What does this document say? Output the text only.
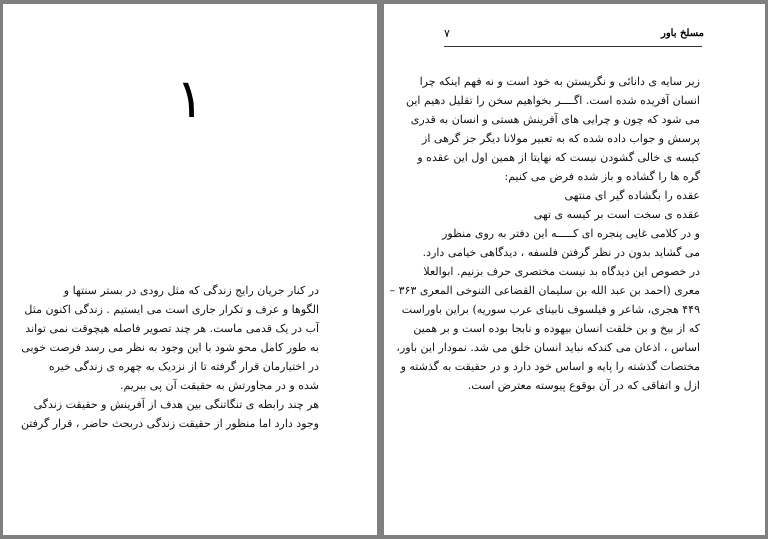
۱
در کنار جریان رایج زندگی که مثل رودی در بستر سنتها و
الگوها و عرف و تکرار جاری است می ایستیم . زندگی اکنون مثل
آب در یک قدمی ماست. هر چند تصویر فاصله هیچوقت نمی تواند
به طور کامل محو شود با این وجود به نظر می رسد فرصت خوبی
در اختیارمان قرار گرفته تا از نزدیک به چهره ی زندگی خیره
شده و در مجاورتش به حقیقت آن پی ببریم.
هر چند رابطه ی تنگاتنگی بین هدف از آفرینش و حقیقت زندگی
وجود دارد اما منظور از حقیقت زندگی دربحث حاضر ، قرار گرفتن
مسلخ باور
۷
زیر سایه ی دانائی و نگریستن به خود است و نه فهم اینکه چرا
انسان آفریده شده است. اگــــر بخواهیم سخن را تقلیل دهیم این
می شود که چون و چرایی های آفرینش هستی و انسان به قدری
پرسش و جواب داده شده که به تعبیر مولانا دیگر جز گرهی از
کیسه ی خالی گشودن نیست که نهایتا از همین اول این عقده و
گره ها را گشاده و باز شده فرض می کنیم:
عقده را بگشاده گیر ای منتهی
عقده ی سخت است بر کیسه ی تهی
و در کلامی غایی پنجره ای کـــــه این دفتر به روی منظور
می گشاید بدون در نظر گرفتن فلسفه ، دیدگاهی خیامی دارد.
در خصوص این دیدگاه بد نیست مختصری حرف بزنیم. ابوالعلا
معری (احمد بن عبد الله بن سلیمان القضاعی التنوخی المعری ۳۶۳ –
۴۴۹ هجری، شاعر و فیلسوف نابینای عرب سوریه) براین باوراست
که از بیخ و بن خلقت انسان بیهوده و نابجا بوده است و بر همین
اساس ، اذعان می کندکه نباید انسان خلق می شد. نمودار این باور،
مختصات گذشته را پایه و اساس خود دارد و در حقیقت به گذشته و
ازل و اتفاقی که در آن بوقوع پیوسته معترض است.
